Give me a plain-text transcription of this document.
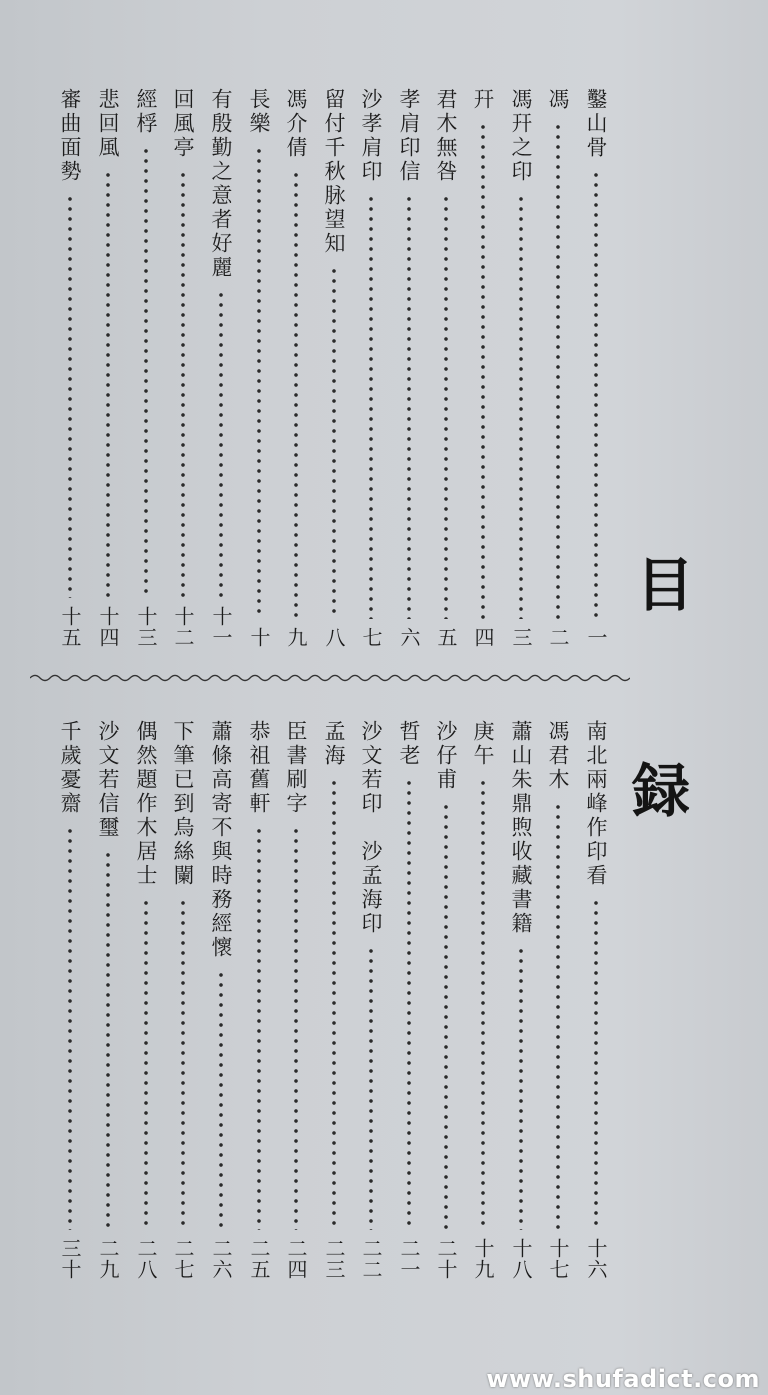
鑿山骨
一
馮
二
馮幵之印
三
幵
四
君木無咎
五
孝肩印信
六
沙孝肩印
七
留付千秋脉望知
八
馮介倩
九
長樂
十
有殷勤之意者好麗
十一
回風亭
十二
經桴
十三
悲回風
十四
審曲面勢
十五
南北兩峰作印看
十六
馮君木
十七
蕭山朱鼎煦收藏書籍
十八
庚午
十九
沙仔甫
二十
哲老
二一
沙文若印　沙孟海印
二二
孟海
二三
臣書刷字
二四
恭祖舊軒
二五
蕭條高寄不與時務經懷
二六
下筆已到烏絲闌
二七
偶然題作木居士
二八
沙文若信璽
二九
千歲憂齋
三十
目
録
www.shufadict.com
